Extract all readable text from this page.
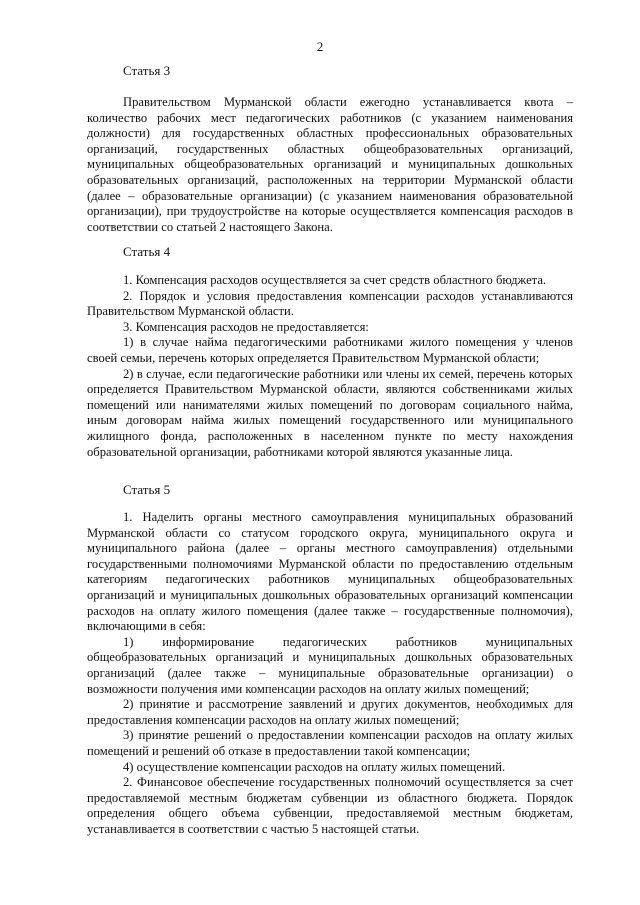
2
Статья 3

Правительством Мурманской области ежегодно устанавливается квота – количество рабочих мест педагогических работников (с указанием наименования должности) для государственных областных профессиональных образовательных организаций, государственных областных общеобразовательных организаций, муниципальных общеобразовательных организаций и муниципальных дошкольных образовательных организаций, расположенных на территории Мурманской области (далее – образовательные организации) (с указанием наименования образовательной организации), при трудоустройстве на которые осуществляется компенсация расходов в соответствии со статьей 2 настоящего Закона.

Статья 4

1. Компенсация расходов осуществляется за счет средств областного бюджета.

2. Порядок и условия предоставления компенсации расходов устанавливаются Правительством Мурманской области.

3. Компенсация расходов не предоставляется:

1) в случае найма педагогическими работниками жилого помещения у членов своей семьи, перечень которых определяется Правительством Мурманской области;

2) в случае, если педагогические работники или члены их семей, перечень которых определяется Правительством Мурманской области, являются собственниками жилых помещений или нанимателями жилых помещений по договорам социального найма, иным договорам найма жилых помещений государственного или муниципального жилищного фонда, расположенных в населенном пункте по месту нахождения образовательной организации, работниками которой являются указанные лица.

Статья 5

1. Наделить органы местного самоуправления муниципальных образований Мурманской области со статусом городского округа, муниципального округа и муниципального района (далее – органы местного самоуправления) отдельными государственными полномочиями Мурманской области по предоставлению отдельным категориям педагогических работников муниципальных общеобразовательных организаций и муниципальных дошкольных образовательных организаций компенсации расходов на оплату жилого помещения (далее также – государственные полномочия), включающими в себя:

1) информирование педагогических работников муниципальных общеобразовательных организаций и муниципальных дошкольных образовательных организаций (далее также – муниципальные образовательные организации) о возможности получения ими компенсации расходов на оплату жилых помещений;

2) принятие и рассмотрение заявлений и других документов, необходимых для предоставления компенсации расходов на оплату жилых помещений;

3) принятие решений о предоставлении компенсации расходов на оплату жилых помещений и решений об отказе в предоставлении такой компенсации;

4) осуществление компенсации расходов на оплату жилых помещений.

2. Финансовое обеспечение государственных полномочий осуществляется за счет предоставляемой местным бюджетам субвенции из областного бюджета. Порядок определения общего объема субвенции, предоставляемой местным бюджетам, устанавливается в соответствии с частью 5 настоящей статьи.
